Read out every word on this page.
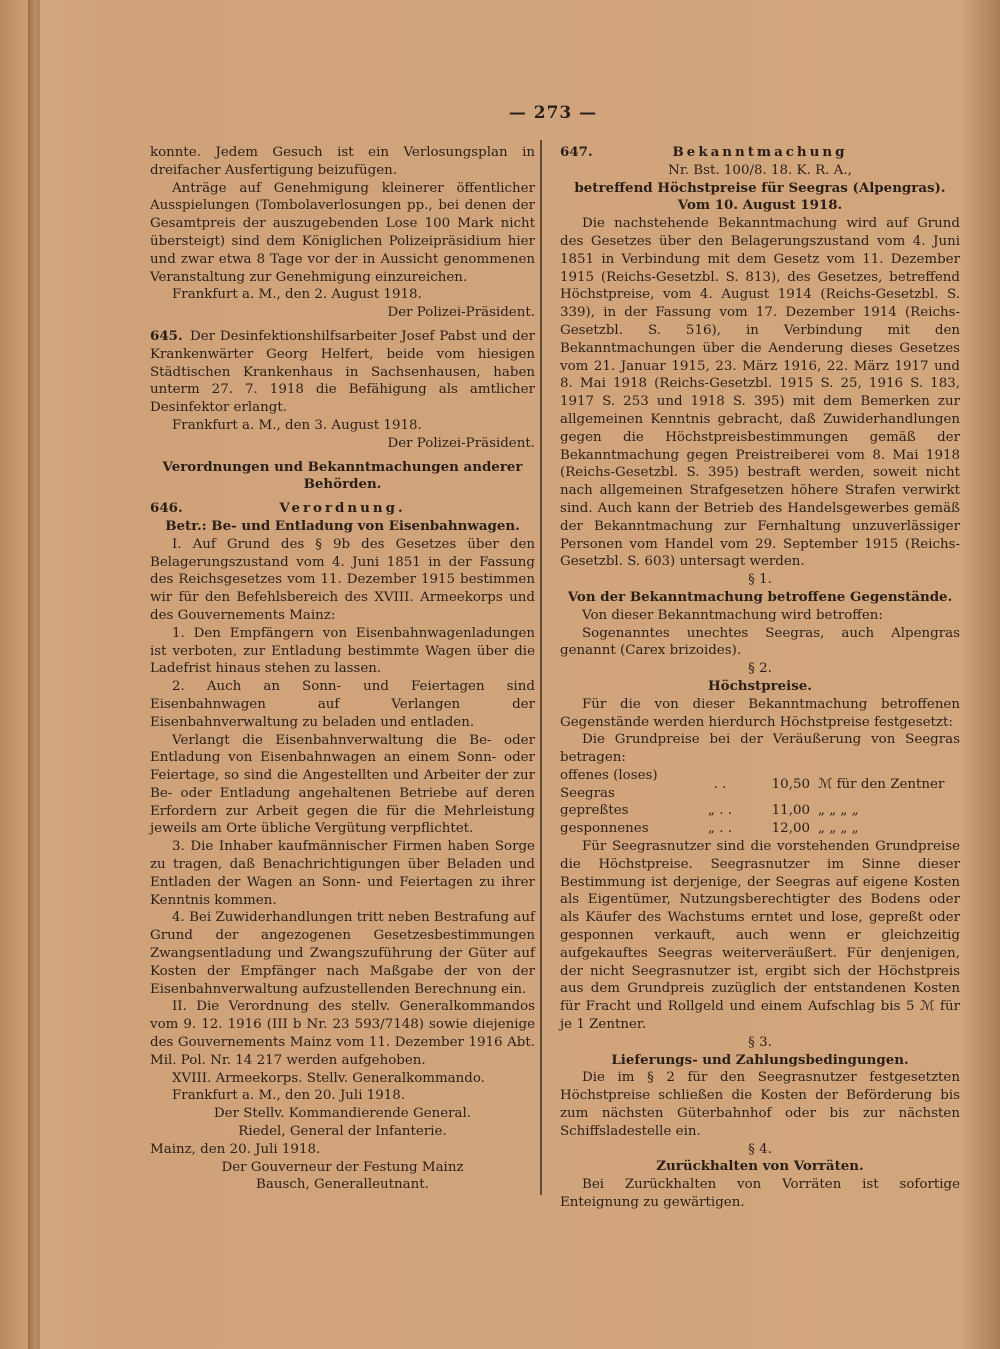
— 273 —

konnte. Jedem Gesuch ist ein Verlosungsplan in dreifacher Ausfertigung beizufügen.

Anträge auf Genehmigung kleinerer öffentlicher Ausspielungen (Tombolaverlosungen pp., bei denen der Gesamtpreis der auszugebenden Lose 100 Mark nicht übersteigt) sind dem Königlichen Polizeipräsidium hier und zwar etwa 8 Tage vor der in Aussicht genommenen Veranstaltung zur Genehmigung einzureichen.

Frankfurt a. M., den 2. August 1918.

Der Polizei-Präsident.

645. Der Desinfektionshilfsarbeiter Josef Pabst und der Krankenwärter Georg Helfert, beide vom hiesigen Städtischen Krankenhaus in Sachsenhausen, haben unterm 27. 7. 1918 die Befähigung als amtlicher Desinfektor erlangt.

Frankfurt a. M., den 3. August 1918.

Der Polizei-Präsident.

Verordnungen und Bekanntmachungen anderer Behörden.

646.	Verordnung.

Betr.: Be- und Entladung von Eisenbahnwagen.

I. Auf Grund des § 9b des Gesetzes über den Belagerungszustand vom 4. Juni 1851 in der Fassung des Reichsgesetzes vom 11. Dezember 1915 bestimmen wir für den Befehlsbereich des XVIII. Armeekorps und des Gouvernements Mainz:

1. Den Empfängern von Eisenbahnwagenladungen ist verboten, zur Entladung bestimmte Wagen über die Ladefrist hinaus stehen zu lassen.

2. Auch an Sonn- und Feiertagen sind Eisenbahnwagen auf Verlangen der Eisenbahnverwaltung zu beladen und entladen.

Verlangt die Eisenbahnverwaltung die Be- oder Entladung von Eisenbahnwagen an einem Sonn- oder Feiertage, so sind die Angestellten und Arbeiter der zur Be- oder Entladung angehaltenen Betriebe auf deren Erfordern zur Arbeit gegen die für die Mehrleistung jeweils am Orte übliche Vergütung verpflichtet.

3. Die Inhaber kaufmännischer Firmen haben Sorge zu tragen, daß Benachrichtigungen über Beladen und Entladen der Wagen an Sonn- und Feiertagen zu ihrer Kenntnis kommen.

4. Bei Zuwiderhandlungen tritt neben Bestrafung auf Grund der angezogenen Gesetzesbestimmungen Zwangsentladung und Zwangszuführung der Güter auf Kosten der Empfänger nach Maßgabe der von der Eisenbahnverwaltung aufzustellenden Berechnung ein.

II. Die Verordnung des stellv. Generalkommandos vom 9. 12. 1916 (III b Nr. 23 593/7148) sowie diejenige des Gouvernements Mainz vom 11. Dezember 1916 Abt. Mil. Pol. Nr. 14 217 werden aufgehoben.

XVIII. Armeekorps. Stellv. Generalkommando.

Frankfurt a. M., den 20. Juli 1918.

Der Stellv. Kommandierende General.

Riedel, General der Infanterie.

Mainz, den 20. Juli 1918.

Der Gouverneur der Festung Mainz

Bausch, Generalleutnant.

647.	Bekanntmachung

Nr. Bst. 100/8. 18. K. R. A.,

betreffend Höchstpreise für Seegras (Alpengras).

Vom 10. August 1918.

Die nachstehende Bekanntmachung wird auf Grund des Gesetzes über den Belagerungszustand vom 4. Juni 1851 in Verbindung mit dem Gesetz vom 11. Dezember 1915 (Reichs-Gesetzbl. S. 813), des Gesetzes, betreffend Höchstpreise, vom 4. August 1914 (Reichs-Gesetzbl. S. 339), in der Fassung vom 17. Dezember 1914 (Reichs-Gesetzbl. S. 516), in Verbindung mit den Bekanntmachungen über die Aenderung dieses Gesetzes vom 21. Januar 1915, 23. März 1916, 22. März 1917 und 8. Mai 1918 (Reichs-Gesetzbl. 1915 S. 25, 1916 S. 183, 1917 S. 253 und 1918 S. 395) mit dem Bemerken zur allgemeinen Kenntnis gebracht, daß Zuwiderhandlungen gegen die Höchstpreisbestimmungen gemäß der Bekanntmachung gegen Preistreiberei vom 8. Mai 1918 (Reichs-Gesetzbl. S. 395) bestraft werden, soweit nicht nach allgemeinen Strafgesetzen höhere Strafen verwirkt sind. Auch kann der Betrieb des Handelsgewerbes gemäß der Bekanntmachung zur Fernhaltung unzuverlässiger Personen vom Handel vom 29. September 1915 (Reichs-Gesetzbl. S. 603) untersagt werden.

§ 1.

Von der Bekanntmachung betroffene Gegenstände.

Von dieser Bekanntmachung wird betroffen:

Sogenanntes unechtes Seegras, auch Alpengras genannt (Carex brizoides).

§ 2.

Höchstpreise.

Für die von dieser Bekanntmachung betroffenen Gegenstände werden hierdurch Höchstpreise festgesetzt:

Die Grundpreise bei der Veräußerung von Seegras betragen:

offenes (loses) Seegras	. .	10,50	ℳ für den Zentner
gepreßtes	„ . .	11,00	„ „ „ „
gesponnenes	„ . .	12,00	„ „ „ „

Für Seegrasnutzer sind die vorstehenden Grundpreise die Höchstpreise. Seegrasnutzer im Sinne dieser Bestimmung ist derjenige, der Seegras auf eigene Kosten als Eigentümer, Nutzungsberechtigter des Bodens oder als Käufer des Wachstums erntet und lose, gepreßt oder gesponnen verkauft, auch wenn er gleichzeitig aufgekauftes Seegras weiterveräußert. Für denjenigen, der nicht Seegrasnutzer ist, ergibt sich der Höchstpreis aus dem Grundpreis zuzüglich der entstandenen Kosten für Fracht und Rollgeld und einem Aufschlag bis 5 ℳ für je 1 Zentner.

§ 3.

Lieferungs- und Zahlungsbedingungen.

Die im § 2 für den Seegrasnutzer festgesetzten Höchstpreise schließen die Kosten der Beförderung bis zum nächsten Güterbahnhof oder bis zur nächsten Schiffsladestelle ein.

§ 4.

Zurückhalten von Vorräten.

Bei Zurückhalten von Vorräten ist sofortige Enteignung zu gewärtigen.
